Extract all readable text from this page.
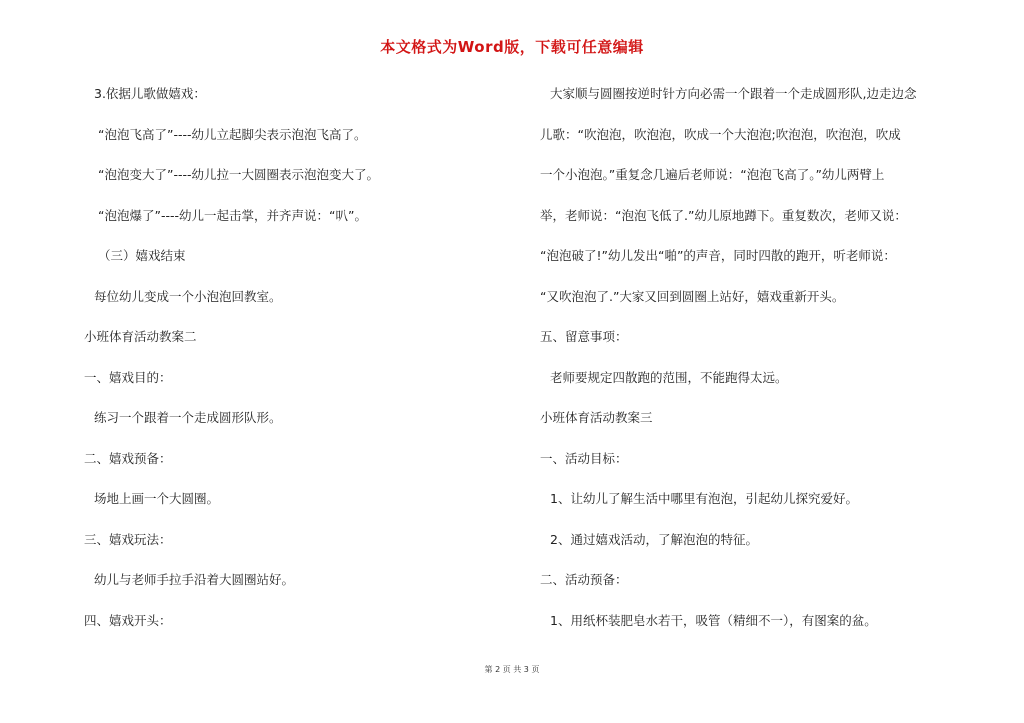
本文格式为Word版，下载可任意编辑
3.依据儿歌做嬉戏：
“泡泡飞高了”----幼儿立起脚尖表示泡泡飞高了。
“泡泡变大了”----幼儿拉一大圆圈表示泡泡变大了。
“泡泡爆了”----幼儿一起击掌，并齐声说：“叭”。
（三）嬉戏结束
每位幼儿变成一个小泡泡回教室。
小班体育活动教案二
一、嬉戏目的：
练习一个跟着一个走成圆形队形。
二、嬉戏预备：
场地上画一个大圆圈。
三、嬉戏玩法：
幼儿与老师手拉手沿着大圆圈站好。
四、嬉戏开头：
大家顺与圆圈按逆时针方向必需一个跟着一个走成圆形队,边走边念
儿歌：“吹泡泡，吹泡泡，吹成一个大泡泡;吹泡泡，吹泡泡，吹成
一个小泡泡。”重复念几遍后老师说：“泡泡飞高了。”幼儿两臂上
举，老师说：“泡泡飞低了.”幼儿原地蹲下。重复数次，老师又说：
“泡泡破了!”幼儿发出“啪”的声音，同时四散的跑开，听老师说：
“又吹泡泡了.”大家又回到圆圈上站好，嬉戏重新开头。
五、留意事项：
老师要规定四散跑的范围，不能跑得太远。
小班体育活动教案三
一、活动目标：
1、让幼儿了解生活中哪里有泡泡，引起幼儿探究爱好。
2、通过嬉戏活动，了解泡泡的特征。
二、活动预备：
1、用纸杯装肥皂水若干，吸管（精细不一），有图案的盆。
第 2 页 共 3 页
